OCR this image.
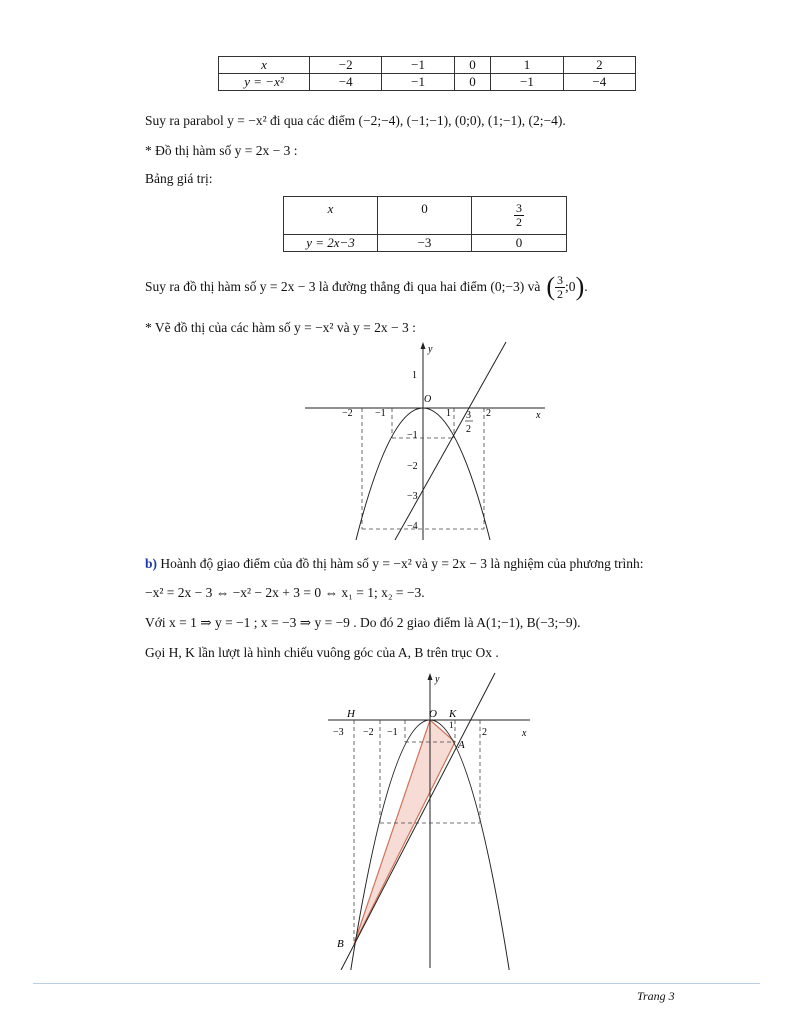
x	−2	−1	0	1	2
y = −x²	−4	−1	0	−1	−4
Suy ra parabol y = −x² đi qua các điểm (−2;−4), (−1;−1), (0;0), (1;−1), (2;−4).
* Đồ thị hàm số y = 2x − 3 :
Bảng giá trị:
x	0	$\frac{3}{2}$

y = 2x−3	−3	0
Suy ra đồ thị hàm số y = 2x − 3 là đường thẳng đi qua hai điểm (0;−3) và ( $\frac{3}{2}$ ;0 ) .
* Vẽ đồ thị của các hàm số y = −x² và y = 2x − 3 :
y
x
O
−2 −1	1	2
3
2
1
−1
−2
−3
−4
b) Hoành độ giao điểm của đồ thị hàm số y = −x² và y = 2x − 3 là nghiệm của phương trình:
−x² = 2x − 3 ⇔ −x² − 2x + 3 = 0 ⇔ x₁ = 1; x₂ = −3.
Với x = 1 ⇒ y = −1 ; x = −3 ⇒ y = −9 . Do đó 2 giao điểm là A(1;−1), B(−3;−9).
Gọi H, K lần lượt là hình chiếu vuông góc của A, B trên trục Ox .
x
y
O K
H
A
B
−3 −2 −1
1
2
Trang 3
